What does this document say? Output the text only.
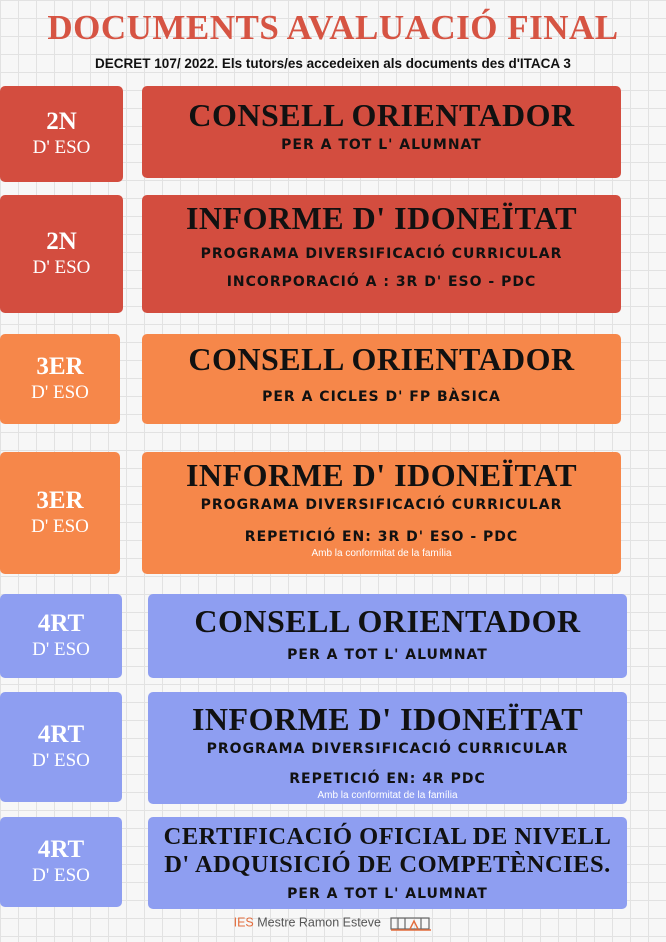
DOCUMENTS AVALUACIÓ FINAL
DECRET 107/ 2022. Els tutors/es accedeixen als documents des d'ITACA 3
2N
D' ESO
CONSELL ORIENTADOR
PER A TOT L' ALUMNAT
2N
D' ESO
INFORME D' IDONEÏTAT
PROGRAMA DIVERSIFICACIÓ CURRICULAR
INCORPORACIÓ A : 3R D' ESO - PDC
3ER
D' ESO
CONSELL ORIENTADOR
PER A CICLES D' FP BÀSICA
3ER
D' ESO
INFORME D' IDONEÏTAT
PROGRAMA DIVERSIFICACIÓ CURRICULAR
REPETICIÓ EN: 3R D' ESO - PDC
Amb la conformitat de la família
4RT
D' ESO
CONSELL ORIENTADOR
PER A TOT L' ALUMNAT
4RT
D' ESO
INFORME D' IDONEÏTAT
PROGRAMA DIVERSIFICACIÓ CURRICULAR
REPETICIÓ EN: 4R PDC
Amb la conformitat de la família
4RT
D' ESO
CERTIFICACIÓ OFICIAL DE NIVELL
D' ADQUISICIÓ DE COMPETÈNCIES.
PER A TOT L' ALUMNAT
IES Mestre Ramon Esteve
